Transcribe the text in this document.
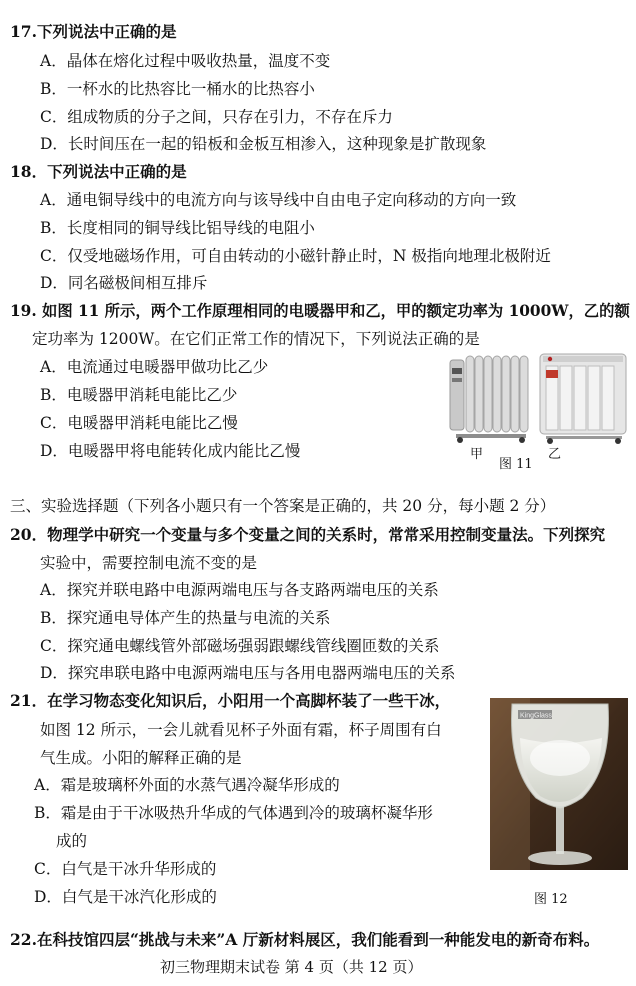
17.下列说法中正确的是
A．晶体在熔化过程中吸收热量，温度不变
B．一杯水的比热容比一桶水的比热容小
C．组成物质的分子之间，只存在引力，不存在斥力
D．长时间压在一起的铅板和金板互相渗入，这种现象是扩散现象
18．下列说法中正确的是
A．通电铜导线中的电流方向与该导线中自由电子定向移动的方向一致
B．长度相同的铜导线比铝导线的电阻小
C．仅受地磁场作用，可自由转动的小磁针静止时，N 极指向地理北极附近
D．同名磁极间相互排斥
19. 如图 11 所示，两个工作原理相同的电暖器甲和乙，甲的额定功率为 1000W，乙的额
定功率为 1200W。在它们正常工作的情况下，下列说法正确的是
A．电流通过电暖器甲做功比乙少
B．电暖器甲消耗电能比乙少
C．电暖器甲消耗电能比乙慢
D．电暖器甲将电能转化成内能比乙慢	甲
图 11
乙
三、实验选择题（下列各小题只有一个答案是正确的，共 20 分，每小题 2 分）
20．物理学中研究一个变量与多个变量之间的关系时，常常采用控制变量法。下列探究
实验中，需要控制电流不变的是
A．探究并联电路中电源两端电压与各支路两端电压的关系
B．探究通电导体产生的热量与电流的关系
C．探究通电螺线管外部磁场强弱跟螺线管线圈匝数的关系
D．探究串联电路中电源两端电压与各用电器两端电压的关系
21．在学习物态变化知识后，小阳用一个高脚杯装了一些干冰，
如图 12 所示，一会儿就看见杯子外面有霜，杯子周围有白
气生成。小阳的解释正确的是
A．霜是玻璃杯外面的水蒸气遇冷凝华形成的
B．霜是由于干冰吸热升华成的气体遇到冷的玻璃杯凝华形
成的
C．白气是干冰升华形成的
D．白气是干冰汽化形成的
KingGlass
图 12
22.在科技馆四层“挑战与未来”A 厅新材料展区，我们能看到一种能发电的新奇布料。
初三物理期末试卷 第 4 页（共 12 页）
